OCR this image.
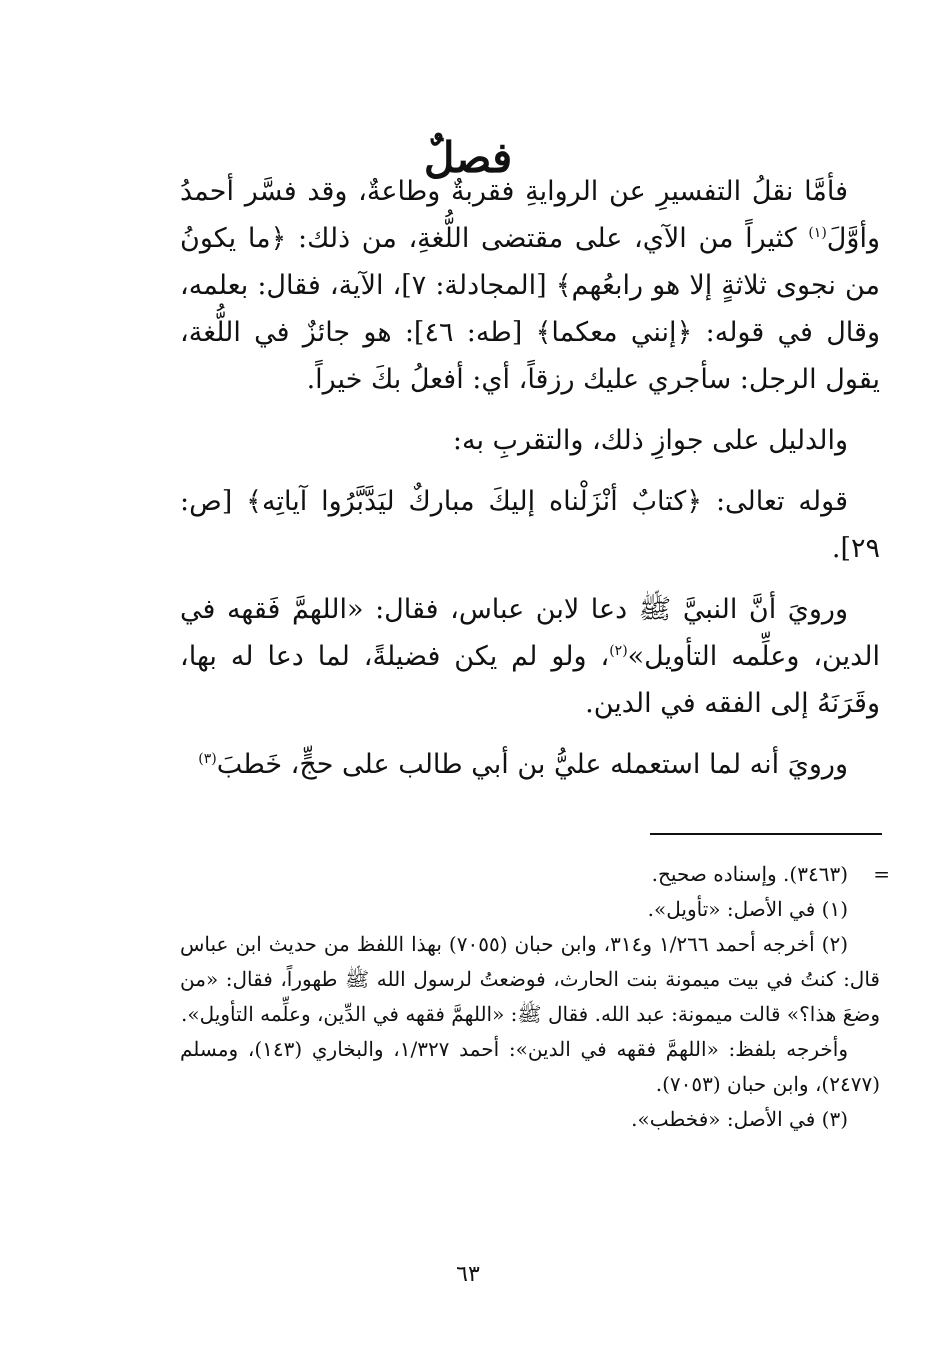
فصلٌ

فأمَّا نقلُ التفسيرِ عن الروايةِ فقربةٌ وطاعةٌ، وقد فسَّر أحمدُ وأوَّلَ$^{(١)}$ كثيراً من الآي، على مقتضى اللُّغةِ، من ذلك: ﴿ما يكونُ من نجوى ثلاثةٍ إلا هو رابعُهم﴾ [المجادلة: ٧]، الآية، فقال: بعلمه، وقال في قوله: ﴿إنني معكما﴾ [طه: ٤٦]: هو جائزٌ في اللُّغة، يقول الرجل: سأجري عليك رزقاً، أي: أفعلُ بكَ خيراً.

والدليل على جوازِ ذلك، والتقربِ به:

قوله تعالى: ﴿كتابٌ أنْزَلْناه إليكَ مباركٌ ليَدَّبَّرُوا آياتِه﴾ [ص: ٢٩].

ورويَ أنَّ النبيَّ ﷺ دعا لابن عباس، فقال: «اللهمَّ فَقهه في الدين، وعلِّمه التأويل»$^{(٢)}$، ولو لم يكن فضيلةً، لما دعا له بها، وقَرَنَهُ إلى الفقه في الدين.

ورويَ أنه لما استعمله عليُّ بن أبي طالب على حجٍّ، خَطبَ$^{(٣)}$

=
(٣٤٦٣). وإسناده صحيح.

(١) في الأصل: «تأويل».

(٢) أخرجه أحمد ١/٢٦٦ و٣١٤، وابن حبان (٧٠٥٥) بهذا اللفظ من حديث ابن عباس قال: كنتُ في بيت ميمونة بنت الحارث، فوضعتُ لرسول الله ﷺ طهوراً، فقال: «من وضعَ هذا؟» قالت ميمونة: عبد الله. فقال ﷺ: «اللهمَّ فقهه في الدِّين، وعلِّمه التأويل».

وأخرجه بلفظ: «اللهمَّ فقهه في الدين»: أحمد ١/٣٢٧، والبخاري (١٤٣)، ومسلم (٢٤٧٧)، وابن حبان (٧٠٥٣).

(٣) في الأصل: «فخطب».

٦٣
